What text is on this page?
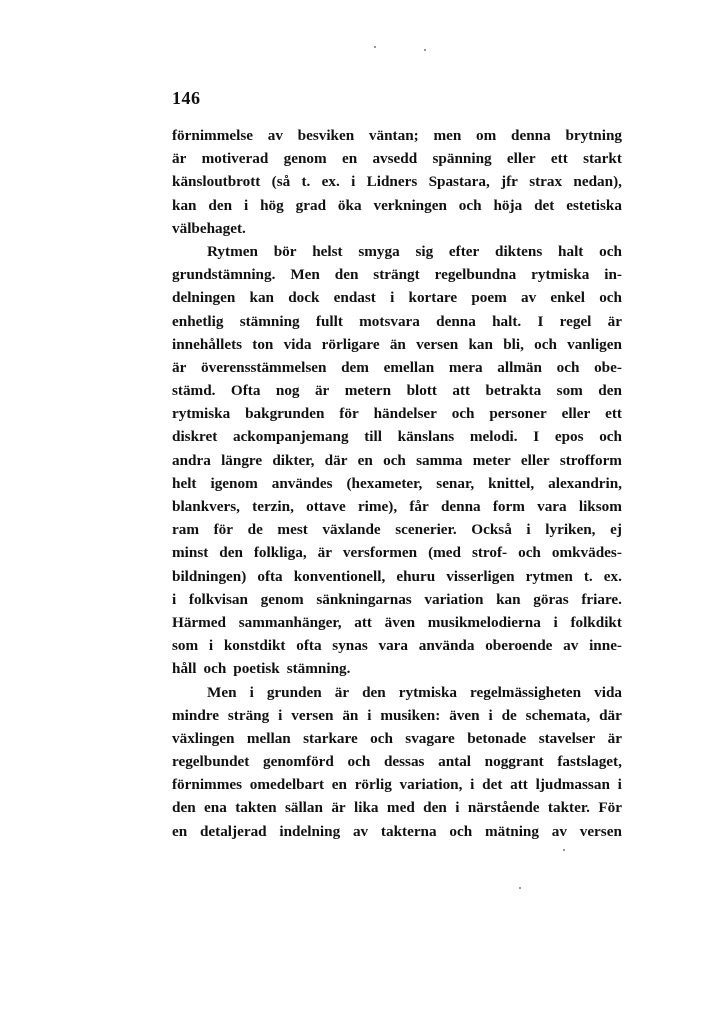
146
förnimmelse av besviken väntan; men om denna brytning
är motiverad genom en avsedd spänning eller ett starkt
känsloutbrott (så t. ex. i Lidners Spastara, jfr strax nedan),
kan den i hög grad öka verkningen och höja det estetiska
välbehaget.
Rytmen bör helst smyga sig efter diktens halt och
grundstämning. Men den strängt regelbundna rytmiska in-
delningen kan dock endast i kortare poem av enkel och
enhetlig stämning fullt motsvara denna halt. I regel är
innehållets ton vida rörligare än versen kan bli, och vanligen
är överensstämmelsen dem emellan mera allmän och obe-
stämd. Ofta nog är metern blott att betrakta som den
rytmiska bakgrunden för händelser och personer eller ett
diskret ackompanjemang till känslans melodi. I epos och
andra längre dikter, där en och samma meter eller strofform
helt igenom användes (hexameter, senar, knittel, alexandrin,
blankvers, terzin, ottave rime), får denna form vara liksom
ram för de mest växlande scenerier. Också i lyriken, ej
minst den folkliga, är versformen (med strof- och omkvädes-
bildningen) ofta konventionell, ehuru visserligen rytmen t. ex.
i folkvisan genom sänkningarnas variation kan göras friare.
Härmed sammanhänger, att även musikmelodierna i folkdikt
som i konstdikt ofta synas vara använda oberoende av inne-
håll och poetisk stämning.
Men i grunden är den rytmiska regelmässigheten vida
mindre sträng i versen än i musiken: även i de schemata, där
växlingen mellan starkare och svagare betonade stavelser är
regelbundet genomförd och dessas antal noggrant fastslaget,
förnimmes omedelbart en rörlig variation, i det att ljudmassan i
den ena takten sällan är lika med den i närstående takter. För
en detaljerad indelning av takterna och mätning av versen
